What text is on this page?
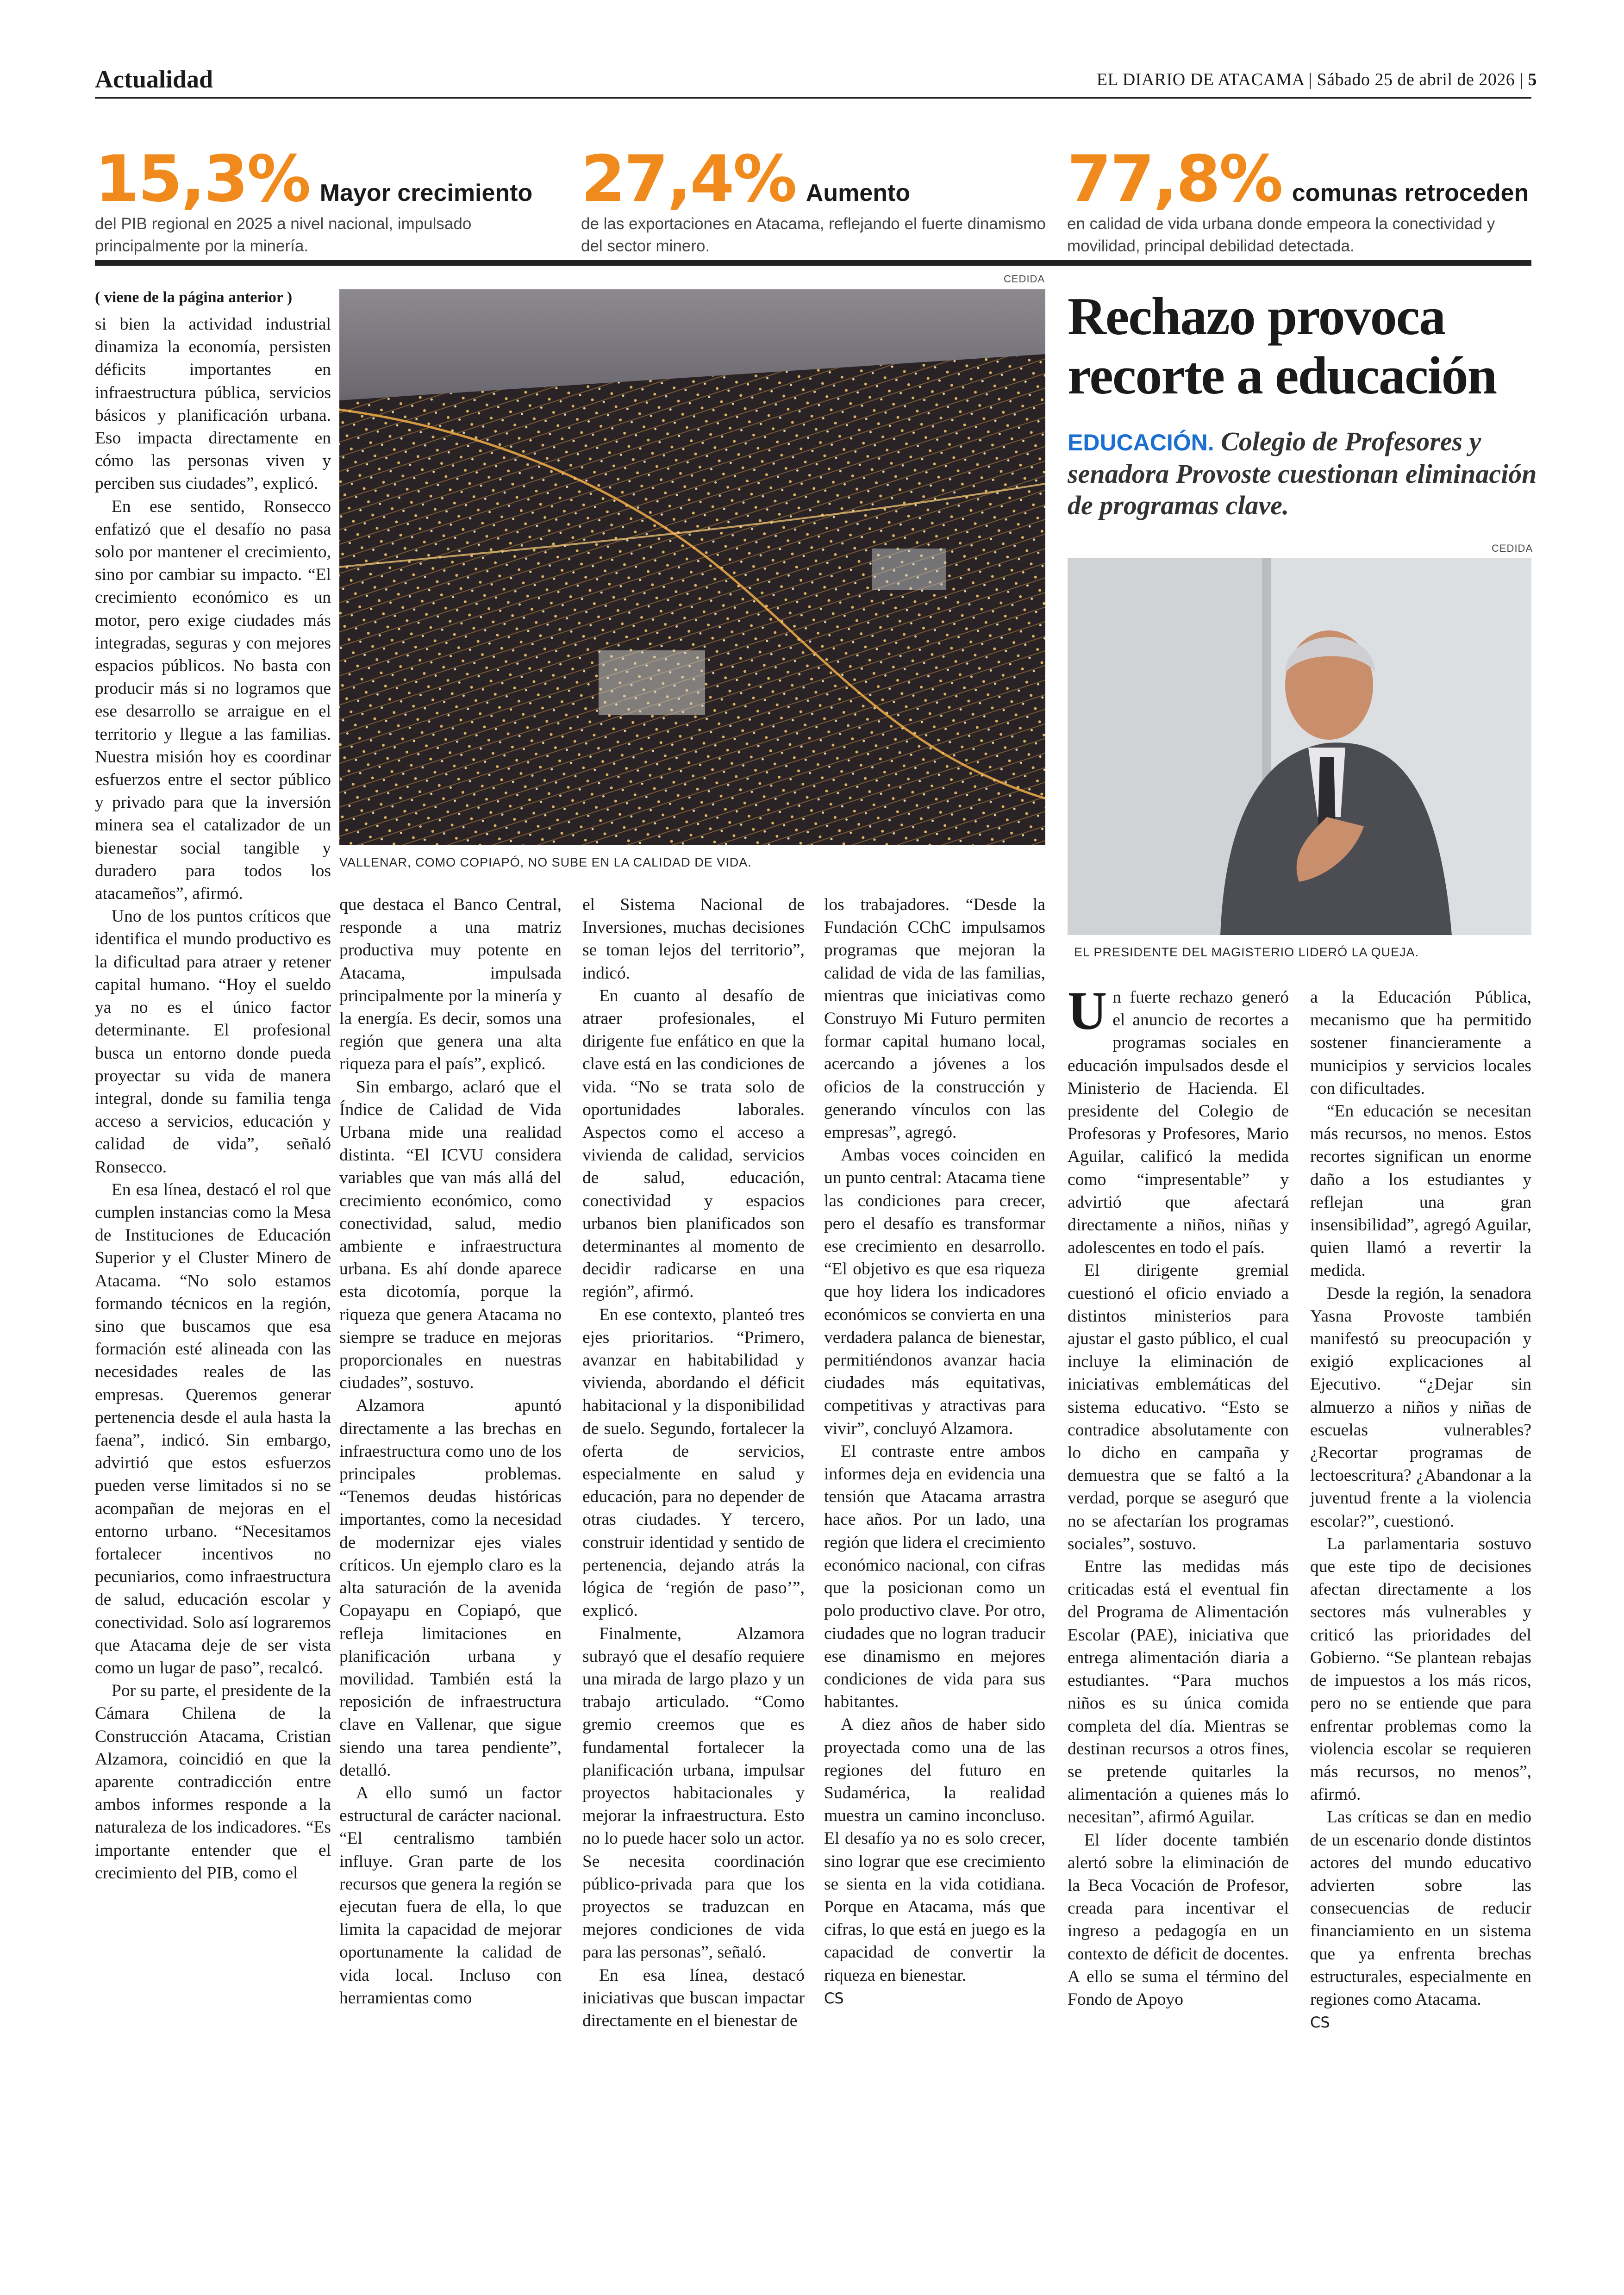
Actualidad	EL DIARIO DE ATACAMA | Sábado 25 de abril de 2026 | 5
15,3% Mayor crecimiento
del PIB regional en 2025 a nivel nacional, impulsado principalmente por la minería.
27,4% Aumento
de las exportaciones en Atacama, reflejando el fuerte dinamismo del sector minero.
77,8% comunas retroceden
en calidad de vida urbana donde empeora la conectividad y movilidad, principal debilidad detectada.
( viene de la página anterior )
CEDIDA
VALLENAR, COMO COPIAPÓ, NO SUBE EN LA CALIDAD DE VIDA.

si bien la actividad industrial dinamiza la economía, persisten déficits importantes en infraestructura pública, servicios básicos y planificación urbana. Eso impacta directamente en cómo las personas viven y perciben sus ciudades”, explicó.

En ese sentido, Ronsecco enfatizó que el desafío no pasa solo por mantener el crecimiento, sino por cambiar su impacto. “El crecimiento económico es un motor, pero exige ciudades más integradas, seguras y con mejores espacios públicos. No basta con producir más si no logramos que ese desarrollo se arraigue en el territorio y llegue a las familias. Nuestra misión hoy es coordinar esfuerzos entre el sector público y privado para que la inversión minera sea el catalizador de un bienestar social tangible y duradero para todos los atacameños”, afirmó.

Uno de los puntos críticos que identifica el mundo productivo es la dificultad para atraer y retener capital humano. “Hoy el sueldo ya no es el único factor determinante. El profesional busca un entorno donde pueda proyectar su vida de manera integral, donde su familia tenga acceso a servicios, educación y calidad de vida”, señaló Ronsecco.

En esa línea, destacó el rol que cumplen instancias como la Mesa de Instituciones de Educación Superior y el Cluster Minero de Atacama. “No solo estamos formando técnicos en la región, sino que buscamos que esa formación esté alineada con las necesidades reales de las empresas. Queremos generar pertenencia desde el aula hasta la faena”, indicó. Sin embargo, advirtió que estos esfuerzos pueden verse limitados si no se acompañan de mejoras en el entorno urbano. “Necesitamos fortalecer incentivos no pecuniarios, como infraestructura de salud, educación escolar y conectividad. Solo así lograremos que Atacama deje de ser vista como un lugar de paso”, recalcó.

Por su parte, el presidente de la Cámara Chilena de la Construcción Atacama, Cristian Alzamora, coincidió en que la aparente contradicción entre ambos informes responde a la naturaleza de los indicadores. “Es importante entender que el crecimiento del PIB, como el

que destaca el Banco Central, responde a una matriz productiva muy potente en Atacama, impulsada principalmente por la minería y la energía. Es decir, somos una región que genera una alta riqueza para el país”, explicó.

Sin embargo, aclaró que el Índice de Calidad de Vida Urbana mide una realidad distinta. “El ICVU considera variables que van más allá del crecimiento económico, como conectividad, salud, medio ambiente e infraestructura urbana. Es ahí donde aparece esta dicotomía, porque la riqueza que genera Atacama no siempre se traduce en mejoras proporcionales en nuestras ciudades”, sostuvo.

Alzamora apuntó directamente a las brechas en infraestructura como uno de los principales problemas. “Tenemos deudas históricas importantes, como la necesidad de modernizar ejes viales críticos. Un ejemplo claro es la alta saturación de la avenida Copayapu en Copiapó, que refleja limitaciones en planificación urbana y movilidad. También está la reposición de infraestructura clave en Vallenar, que sigue siendo una tarea pendiente”, detalló.

A ello sumó un factor estructural de carácter nacional. “El centralismo también influye. Gran parte de los recursos que genera la región se ejecutan fuera de ella, lo que limita la capacidad de mejorar oportunamente la calidad de vida local. Incluso con herramientas como

el Sistema Nacional de Inversiones, muchas decisiones se toman lejos del territorio”, indicó.

En cuanto al desafío de atraer profesionales, el dirigente fue enfático en que la clave está en las condiciones de vida. “No se trata solo de oportunidades laborales. Aspectos como el acceso a vivienda de calidad, servicios de salud, educación, conectividad y espacios urbanos bien planificados son determinantes al momento de decidir radicarse en una región”, afirmó.

En ese contexto, planteó tres ejes prioritarios. “Primero, avanzar en habitabilidad y vivienda, abordando el déficit habitacional y la disponibilidad de suelo. Segundo, fortalecer la oferta de servicios, especialmente en salud y educación, para no depender de otras ciudades. Y tercero, construir identidad y sentido de pertenencia, dejando atrás la lógica de ‘región de paso’”, explicó.

Finalmente, Alzamora subrayó que el desafío requiere una mirada de largo plazo y un trabajo articulado. “Como gremio creemos que es fundamental fortalecer la planificación urbana, impulsar proyectos habitacionales y mejorar la infraestructura. Esto no lo puede hacer solo un actor. Se necesita coordinación público-privada para que los proyectos se traduzcan en mejores condiciones de vida para las personas”, señaló.

En esa línea, destacó iniciativas que buscan impactar directamente en el bienestar de

los trabajadores. “Desde la Fundación CChC impulsamos programas que mejoran la calidad de vida de las familias, mientras que iniciativas como Construyo Mi Futuro permiten formar capital humano local, acercando a jóvenes a los oficios de la construcción y generando vínculos con las empresas”, agregó.

Ambas voces coinciden en un punto central: Atacama tiene las condiciones para crecer, pero el desafío es transformar ese crecimiento en desarrollo. “El objetivo es que esa riqueza que hoy lidera los indicadores económicos se convierta en una verdadera palanca de bienestar, permitiéndonos avanzar hacia ciudades más equitativas, competitivas y atractivas para vivir”, concluyó Alzamora.

El contraste entre ambos informes deja en evidencia una tensión que Atacama arrastra hace años. Por un lado, una región que lidera el crecimiento económico nacional, con cifras que la posicionan como un polo productivo clave. Por otro, ciudades que no logran traducir ese dinamismo en mejores condiciones de vida para sus habitantes.

A diez años de haber sido proyectada como una de las regiones del futuro en Sudamérica, la realidad muestra un camino inconcluso. El desafío ya no es solo crecer, sino lograr que ese crecimiento se sienta en la vida cotidiana. Porque en Atacama, más que cifras, lo que está en juego es la capacidad de convertir la riqueza en bienestar.

CS
Rechazo provoca recorte a educación
EDUCACIÓN. Colegio de Profesores y senadora Provoste cuestionan eliminación de programas clave.
CEDIDA
EL PRESIDENTE DEL MAGISTERIO LIDERÓ LA QUEJA.

Un fuerte rechazo generó el anuncio de recortes a programas sociales en educación impulsados desde el Ministerio de Hacienda. El presidente del Colegio de Profesoras y Profesores, Mario Aguilar, calificó la medida como “impresentable” y advirtió que afectará directamente a niños, niñas y adolescentes en todo el país.

El dirigente gremial cuestionó el oficio enviado a distintos ministerios para ajustar el gasto público, el cual incluye la eliminación de iniciativas emblemáticas del sistema educativo. “Esto se contradice absolutamente con lo dicho en campaña y demuestra que se faltó a la verdad, porque se aseguró que no se afectarían los programas sociales”, sostuvo.

Entre las medidas más criticadas está el eventual fin del Programa de Alimentación Escolar (PAE), iniciativa que entrega alimentación diaria a estudiantes. “Para muchos niños es su única comida completa del día. Mientras se destinan recursos a otros fines, se pretende quitarles la alimentación a quienes más lo necesitan”, afirmó Aguilar.

El líder docente también alertó sobre la eliminación de la Beca Vocación de Profesor, creada para incentivar el ingreso a pedagogía en un contexto de déficit de docentes. A ello se suma el término del Fondo de Apoyo

a la Educación Pública, mecanismo que ha permitido sostener financieramente a municipios y servicios locales con dificultades.

“En educación se necesitan más recursos, no menos. Estos recortes significan un enorme daño a los estudiantes y reflejan una gran insensibilidad”, agregó Aguilar, quien llamó a revertir la medida.

Desde la región, la senadora Yasna Provoste también manifestó su preocupación y exigió explicaciones al Ejecutivo. “¿Dejar sin almuerzo a niños y niñas de escuelas vulnerables? ¿Recortar programas de lectoescritura? ¿Abandonar a la juventud frente a la violencia escolar?”, cuestionó.

La parlamentaria sostuvo que este tipo de decisiones afectan directamente a los sectores más vulnerables y criticó las prioridades del Gobierno. “Se plantean rebajas de impuestos a los más ricos, pero no se entiende que para enfrentar problemas como la violencia escolar se requieren más recursos, no menos”, afirmó.

Las críticas se dan en medio de un escenario donde distintos actores del mundo educativo advierten sobre las consecuencias de reducir financiamiento en un sistema que ya enfrenta brechas estructurales, especialmente en regiones como Atacama.

CS
